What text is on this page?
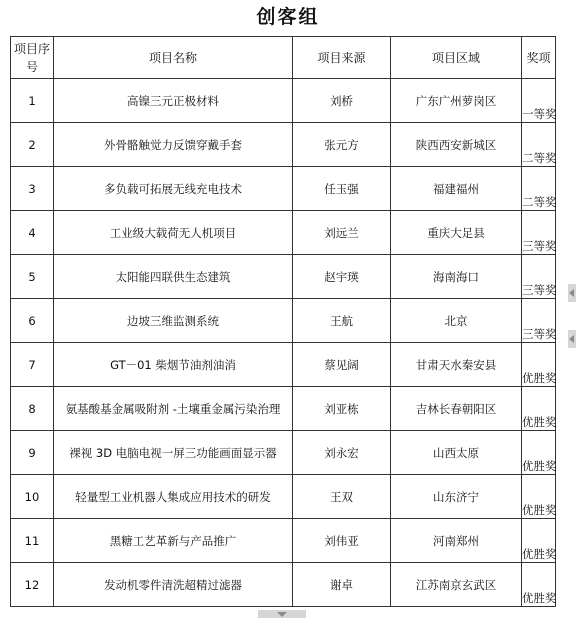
创客组
项目序号	项目名称	项目来源	项目区域	奖项
1	高镍三元正极材料	刘桥	广东广州萝岗区	一等奖

2	外骨骼触觉力反馈穿戴手套	张元方	陕西西安新城区	二等奖

3	多负载可拓展无线充电技术	任玉强	福建福州	二等奖

4	工业级大载荷无人机项目	刘远兰	重庆大足县	三等奖

5	太阳能四联供生态建筑	赵宇瑛	海南海口	三等奖

6	边坡三维监测系统	王航	北京	三等奖

7	GT－01 柴烟节油剂油消	蔡见阔	甘肃天水秦安县	优胜奖

8	氨基酸基金属吸附剂 -土壤重金属污染治理	刘亚栋	吉林长春朝阳区	优胜奖

9	裸视 3D 电脑电视一屏三功能画面显示器	刘永宏	山西太原	优胜奖

10	轻量型工业机器人集成应用技术的研发	王双	山东济宁	优胜奖

11	黑糖工艺革新与产品推广	刘伟亚	河南郑州	优胜奖

12	发动机零件清洗超精过滤器	谢卓	江苏南京玄武区	优胜奖
